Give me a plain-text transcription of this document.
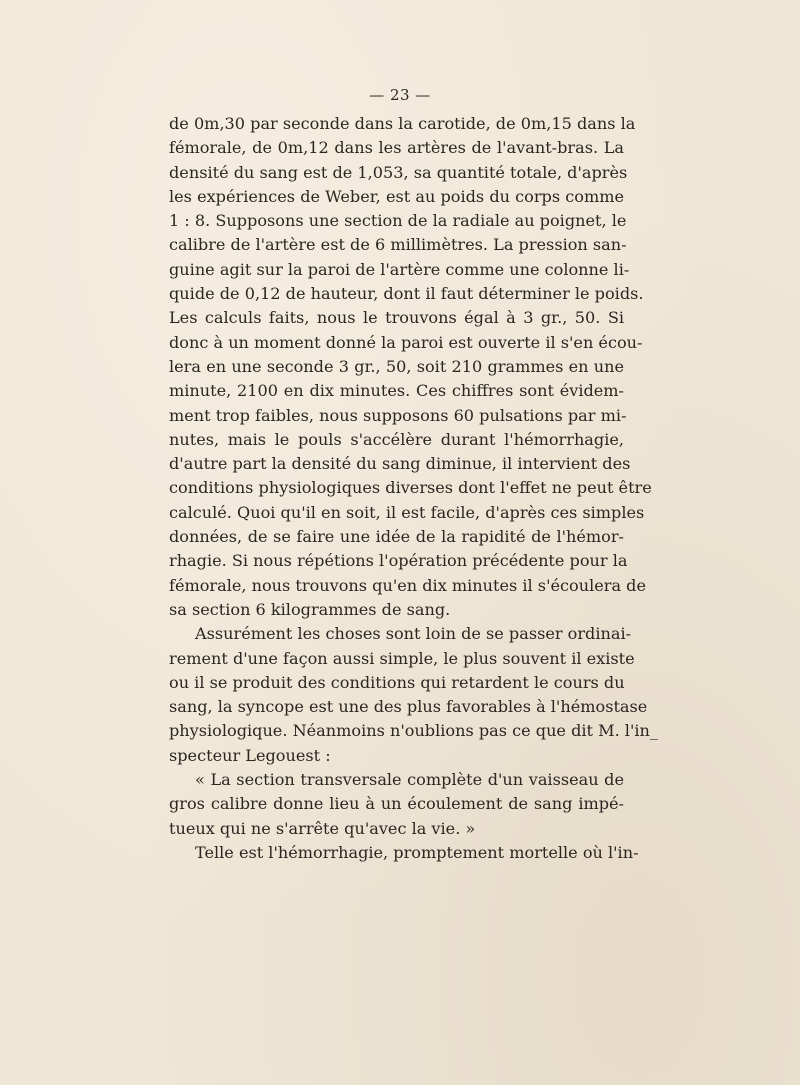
— 23 —
de 0m,30 par seconde dans la carotide, de 0m,15 dans la
fémorale, de 0m,12 dans les artères de l'avant-bras. La
densité du sang est de 1,053, sa quantité totale, d'après
les expériences de Weber, est au poids du corps comme
1 : 8. Supposons une section de la radiale au poignet, le
calibre de l'artère est de 6 millimètres. La pression san-
guine agit sur la paroi de l'artère comme une colonne li-
quide de 0,12 de hauteur, dont il faut déterminer le poids.
Les calculs faits, nous le trouvons égal à 3 gr., 50. Si
donc à un moment donné la paroi est ouverte il s'en écou-
lera en une seconde 3 gr., 50, soit 210 grammes en une
minute, 2100 en dix minutes. Ces chiffres sont évidem-
ment trop faibles, nous supposons 60 pulsations par mi-
nutes, mais le pouls s'accélère durant l'hémorrhagie,
d'autre part la densité du sang diminue, il intervient des
conditions physiologiques diverses dont l'effet ne peut être
calculé. Quoi qu'il en soit, il est facile, d'après ces simples
données, de se faire une idée de la rapidité de l'hémor-
rhagie. Si nous répétions l'opération précédente pour la
fémorale, nous trouvons qu'en dix minutes il s'écoulera de
sa section 6 kilogrammes de sang.
Assurément les choses sont loin de se passer ordinai-
rement d'une façon aussi simple, le plus souvent il existe
ou il se produit des conditions qui retardent le cours du
sang, la syncope est une des plus favorables à l'hémostase
physiologique. Néanmoins n'oublions pas ce que dit M. l'in_
specteur Legouest :
« La section transversale complète d'un vaisseau de
gros calibre donne lieu à un écoulement de sang impé-
tueux qui ne s'arrête qu'avec la vie. »
Telle est l'hémorrhagie, promptement mortelle où l'in-
